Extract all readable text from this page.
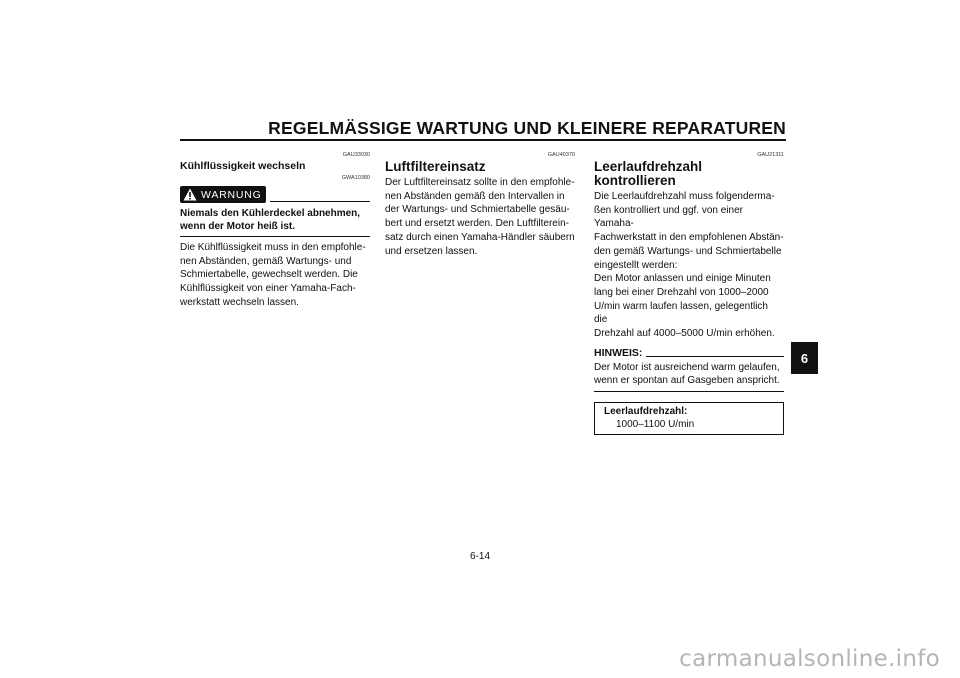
REGELMÄSSIGE WARTUNG UND KLEINERE REPARATUREN
GAU33030
Kühlflüssigkeit wechseln
GWA10380
WARNUNG
Niemals den Kühlerdeckel abnehmen,
wenn der Motor heiß ist.
Die Kühlflüssigkeit muss in den empfohle-
nen Abständen, gemäß Wartungs- und
Schmiertabelle, gewechselt werden. Die
Kühlflüssigkeit von einer Yamaha-Fach-
werkstatt wechseln lassen.
GAU40370
Luftfiltereinsatz
Der Luftfiltereinsatz sollte in den empfohle-
nen Abständen gemäß den Intervallen in
der Wartungs- und Schmiertabelle gesäu-
bert und ersetzt werden. Den Luftfilterein-
satz durch einen Yamaha-Händler säubern
und ersetzen lassen.
GAU21311
Leerlaufdrehzahl kontrollieren
Die Leerlaufdrehzahl muss folgenderma-
ßen kontrolliert und ggf. von einer Yamaha-
Fachwerkstatt in den empfohlenen Abstän-
den gemäß Wartungs- und Schmiertabelle
eingestellt werden:
Den Motor anlassen und einige Minuten
lang bei einer Drehzahl von 1000–2000
U/min warm laufen lassen, gelegentlich die
Drehzahl auf 4000–5000 U/min erhöhen.
HINWEIS:
Der Motor ist ausreichend warm gelaufen,
wenn er spontan auf Gasgeben anspricht.
Leerlaufdrehzahl:
1000–1100 U/min
6
6-14
carmanualsonline.info
